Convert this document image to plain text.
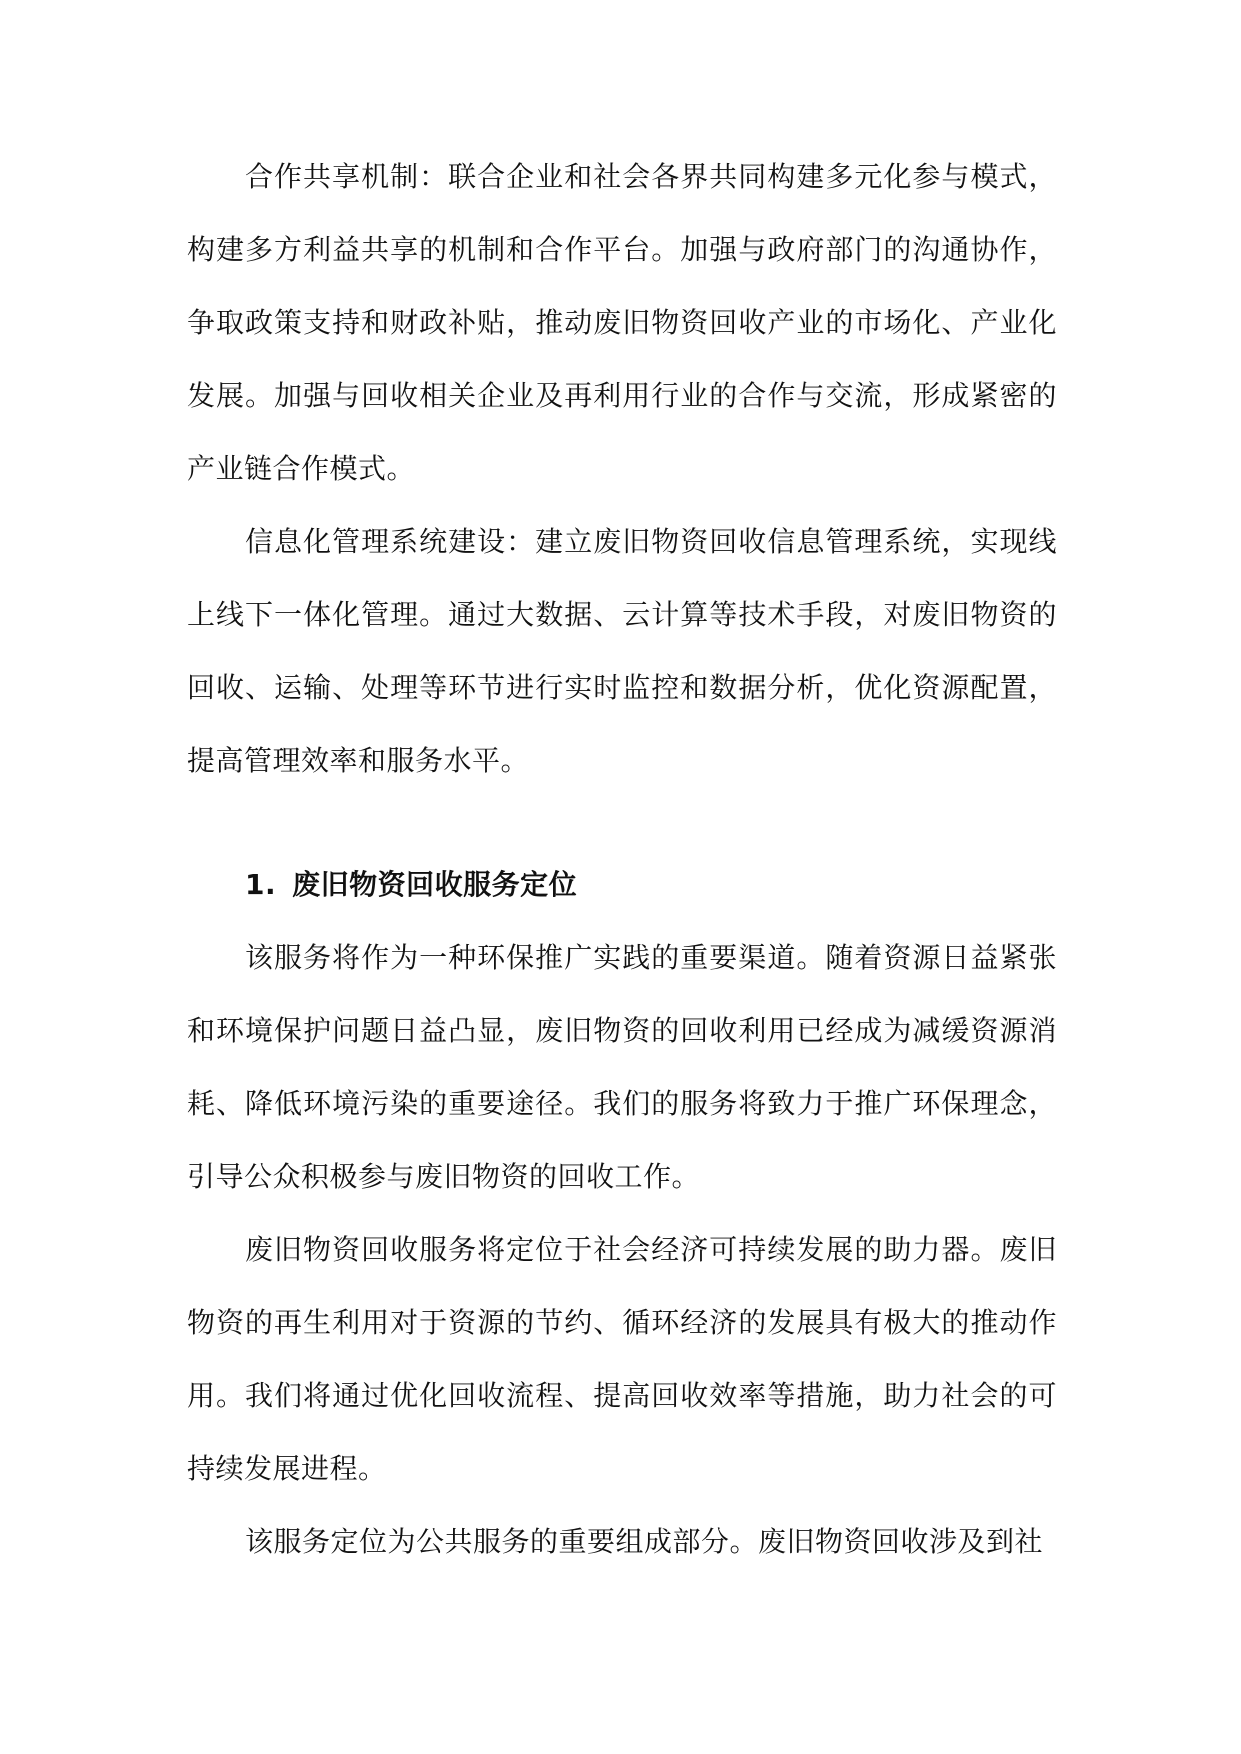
合作共享机制：联合企业和社会各界共同构建多元化参与模式，构建多方利益共享的机制和合作平台。加强与政府部门的沟通协作，争取政策支持和财政补贴，推动废旧物资回收产业的市场化、产业化发展。加强与回收相关企业及再利用行业的合作与交流，形成紧密的产业链合作模式。

信息化管理系统建设：建立废旧物资回收信息管理系统，实现线上线下一体化管理。通过大数据、云计算等技术手段，对废旧物资的回收、运输、处理等环节进行实时监控和数据分析，优化资源配置，提高管理效率和服务水平。

1. 废旧物资回收服务定位

该服务将作为一种环保推广实践的重要渠道。随着资源日益紧张和环境保护问题日益凸显，废旧物资的回收利用已经成为减缓资源消耗、降低环境污染的重要途径。我们的服务将致力于推广环保理念，引导公众积极参与废旧物资的回收工作。

废旧物资回收服务将定位于社会经济可持续发展的助力器。废旧物资的再生利用对于资源的节约、循环经济的发展具有极大的推动作用。我们将通过优化回收流程、提高回收效率等措施，助力社会的可持续发展进程。

该服务定位为公共服务的重要组成部分。废旧物资回收涉及到社
